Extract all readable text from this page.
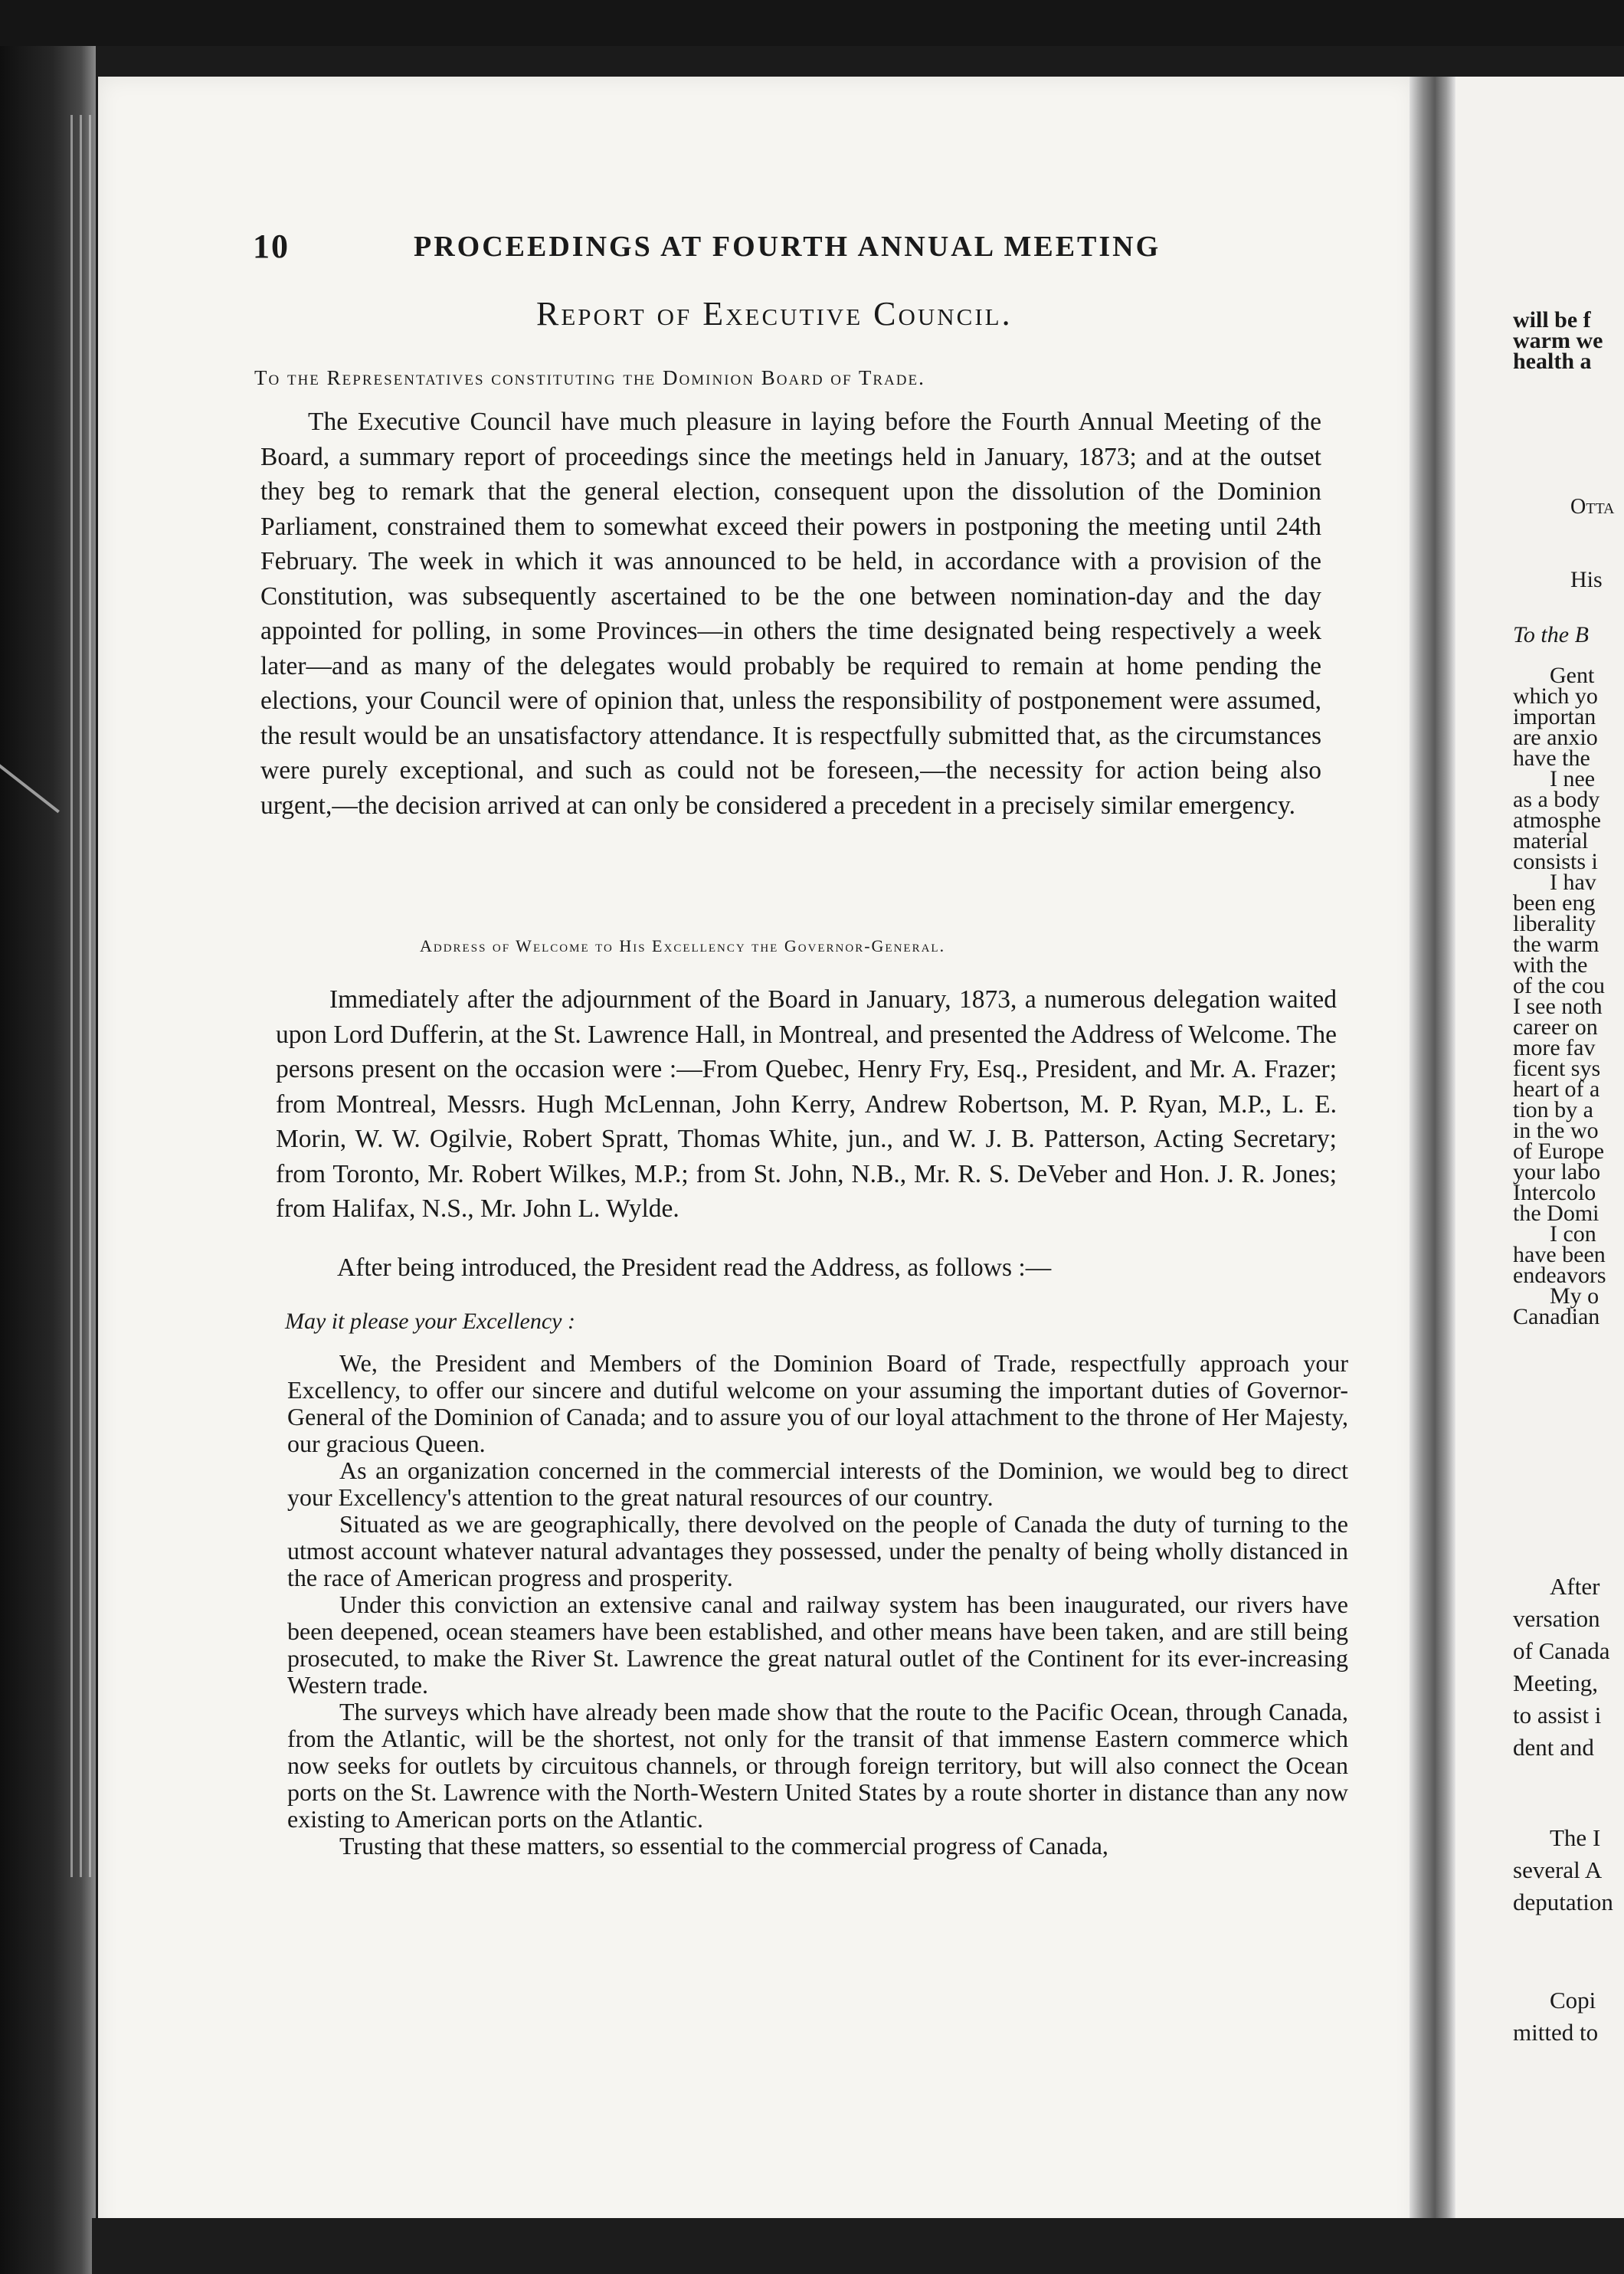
10	PROCEEDINGS AT FOURTH ANNUAL MEETING
Report of Executive Council.
To the Representatives constituting the Dominion Board of Trade.
The Executive Council have much pleasure in laying before the Fourth Annual Meeting of the Board, a summary report of proceedings since the meetings held in January, 1873; and at the outset they beg to remark that the general election, consequent upon the dissolution of the Dominion Parliament, constrained them to somewhat exceed their powers in postponing the meeting until 24th February. The week in which it was announced to be held, in accordance with a provision of the Constitution, was subsequently ascertained to be the one between nomination-day and the day appointed for polling, in some Provinces—in others the time designated being respectively a week later—and as many of the delegates would probably be required to remain at home pending the elections, your Council were of opinion that, unless the responsibility of postponement were assumed, the result would be an unsatisfactory attendance. It is respectfully submitted that, as the circumstances were purely exceptional, and such as could not be foreseen,—the necessity for action being also urgent,—the decision arrived at can only be considered a precedent in a precisely similar emergency.
Address of Welcome to His Excellency the Governor-General.
Immediately after the adjournment of the Board in January, 1873, a numerous delegation waited upon Lord Dufferin, at the St. Lawrence Hall, in Montreal, and presented the Address of Welcome. The persons present on the occasion were :—From Quebec, Henry Fry, Esq., President, and Mr. A. Frazer; from Montreal, Messrs. Hugh McLennan, John Kerry, Andrew Robertson, M. P. Ryan, M.P., L. E. Morin, W. W. Ogilvie, Robert Spratt, Thomas White, jun., and W. J. B. Patterson, Acting Secretary; from Toronto, Mr. Robert Wilkes, M.P.; from St. John, N.B., Mr. R. S. DeVeber and Hon. J. R. Jones; from Halifax, N.S., Mr. John L. Wylde.
After being introduced, the President read the Address, as follows :—
May it please your Excellency :

We, the President and Members of the Dominion Board of Trade, respectfully approach your Excellency, to offer our sincere and dutiful welcome on your assuming the important duties of Governor-General of the Dominion of Canada; and to assure you of our loyal attachment to the throne of Her Majesty, our gracious Queen.

As an organization concerned in the commercial interests of the Dominion, we would beg to direct your Excellency's attention to the great natural resources of our country.

Situated as we are geographically, there devolved on the people of Canada the duty of turning to the utmost account whatever natural advantages they possessed, under the penalty of being wholly distanced in the race of American progress and prosperity.

Under this conviction an extensive canal and railway system has been inaugurated, our rivers have been deepened, ocean steamers have been established, and other means have been taken, and are still being prosecuted, to make the River St. Lawrence the great natural outlet of the Continent for its ever-increasing Western trade.

The surveys which have already been made show that the route to the Pacific Ocean, through Canada, from the Atlantic, will be the shortest, not only for the transit of that immense Eastern commerce which now seeks for outlets by circuitous channels, or through foreign territory, but will also connect the Ocean ports on the St. Lawrence with the North-Western United States by a route shorter in distance than any now existing to American ports on the Atlantic.

Trusting that these matters, so essential to the commercial progress of Canada,

will be f
warm we
health a
Otta
His
To the B
Gent
which yo
importan
are anxio
have the
I nee
as a body
atmosphe
material
consists i
I hav
been eng
liberality
the warm
with the
of the cou
I see noth
career on
more fav
ficent sys
heart of a
tion by a
in the wo
of Europe
your labo
Intercolo
the Domi
I con
have been
endeavors
My o
Canadian
After
versation
of Canada
Meeting,
to assist i
dent and
The I
several A
deputation
Copi
mitted to
